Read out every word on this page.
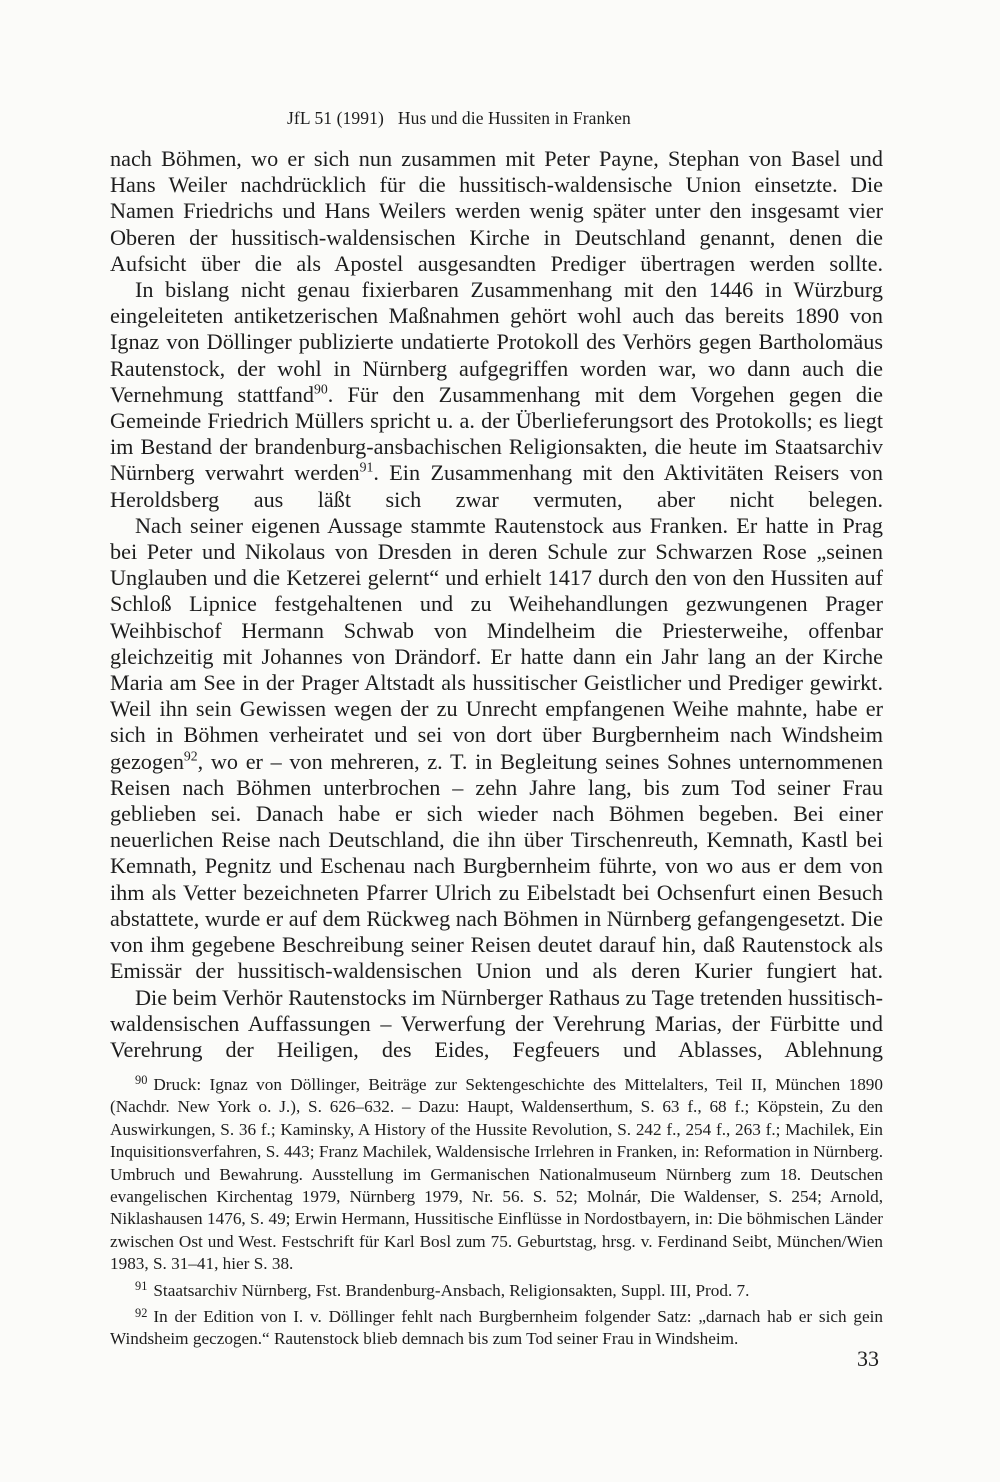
JfL 51 (1991) Hus und die Hussiten in Franken

nach Böhmen, wo er sich nun zusammen mit Peter Payne, Stephan von Basel und Hans Weiler nachdrücklich für die hussitisch-waldensische Union einsetzte. Die Namen Friedrichs und Hans Weilers werden wenig später unter den insgesamt vier Oberen der hussitisch-waldensischen Kirche in Deutschland genannt, denen die Aufsicht über die als Apostel ausgesandten Prediger übertragen werden sollte.

In bislang nicht genau fixierbaren Zusammenhang mit den 1446 in Würzburg eingeleiteten antiketzerischen Maßnahmen gehört wohl auch das bereits 1890 von Ignaz von Döllinger publizierte undatierte Protokoll des Verhörs gegen Bartholomäus Rautenstock, der wohl in Nürnberg aufgegriffen worden war, wo dann auch die Vernehmung stattfand$^{90}$. Für den Zusammenhang mit dem Vorgehen gegen die Gemeinde Friedrich Müllers spricht u. a. der Überlieferungsort des Protokolls; es liegt im Bestand der brandenburg-ansbachischen Religionsakten, die heute im Staatsarchiv Nürnberg verwahrt werden$^{91}$. Ein Zusammenhang mit den Aktivitäten Reisers von Heroldsberg aus läßt sich zwar vermuten, aber nicht belegen.

Nach seiner eigenen Aussage stammte Rautenstock aus Franken. Er hatte in Prag bei Peter und Nikolaus von Dresden in deren Schule zur Schwarzen Rose „seinen Unglauben und die Ketzerei gelernt“ und erhielt 1417 durch den von den Hussiten auf Schloß Lipnice festgehaltenen und zu Weihehandlungen gezwungenen Prager Weihbischof Hermann Schwab von Mindelheim die Priesterweihe, offenbar gleichzeitig mit Johannes von Drändorf. Er hatte dann ein Jahr lang an der Kirche Maria am See in der Prager Altstadt als hussitischer Geistlicher und Prediger gewirkt. Weil ihn sein Gewissen wegen der zu Unrecht empfangenen Weihe mahnte, habe er sich in Böhmen verheiratet und sei von dort über Burgbernheim nach Windsheim gezogen$^{92}$, wo er – von mehreren, z. T. in Begleitung seines Sohnes unternommenen Reisen nach Böhmen unterbrochen – zehn Jahre lang, bis zum Tod seiner Frau geblieben sei. Danach habe er sich wieder nach Böhmen begeben. Bei einer neuerlichen Reise nach Deutschland, die ihn über Tirschenreuth, Kemnath, Kastl bei Kemnath, Pegnitz und Eschenau nach Burgbernheim führte, von wo aus er dem von ihm als Vetter bezeichneten Pfarrer Ulrich zu Eibelstadt bei Ochsenfurt einen Besuch abstattete, wurde er auf dem Rückweg nach Böhmen in Nürnberg gefangengesetzt. Die von ihm gegebene Beschreibung seiner Reisen deutet darauf hin, daß Rautenstock als Emissär der hussitisch-waldensischen Union und als deren Kurier fungiert hat.

Die beim Verhör Rautenstocks im Nürnberger Rathaus zu Tage tretenden hussitisch-waldensischen Auffassungen – Verwerfung der Verehrung Marias, der Fürbitte und Verehrung der Heiligen, des Eides, Fegfeuers und Ablasses, Ablehnung

$^{90}$ Druck: Ignaz von Döllinger, Beiträge zur Sektengeschichte des Mittelalters, Teil II, München 1890 (Nachdr. New York o. J.), S. 626–632. – Dazu: Haupt, Waldenserthum, S. 63 f., 68 f.; Köpstein, Zu den Auswirkungen, S. 36 f.; Kaminsky, A History of the Hussite Revolution, S. 242 f., 254 f., 263 f.; Machilek, Ein Inquisitionsverfahren, S. 443; Franz Machilek, Waldensische Irrlehren in Franken, in: Reformation in Nürnberg. Umbruch und Bewahrung. Ausstellung im Germanischen Nationalmuseum Nürnberg zum 18. Deutschen evangelischen Kirchentag 1979, Nürnberg 1979, Nr. 56. S. 52; Molnár, Die Waldenser, S. 254; Arnold, Niklashausen 1476, S. 49; Erwin Hermann, Hussitische Einflüsse in Nordostbayern, in: Die böhmischen Länder zwischen Ost und West. Festschrift für Karl Bosl zum 75. Geburtstag, hrsg. v. Ferdinand Seibt, München/Wien 1983, S. 31–41, hier S. 38.

$^{91}$ Staatsarchiv Nürnberg, Fst. Brandenburg-Ansbach, Religionsakten, Suppl. III, Prod. 7.

$^{92}$ In der Edition von I. v. Döllinger fehlt nach Burgbernheim folgender Satz: „darnach hab er sich gein Windsheim geczogen.“ Rautenstock blieb demnach bis zum Tod seiner Frau in Windsheim.

33
